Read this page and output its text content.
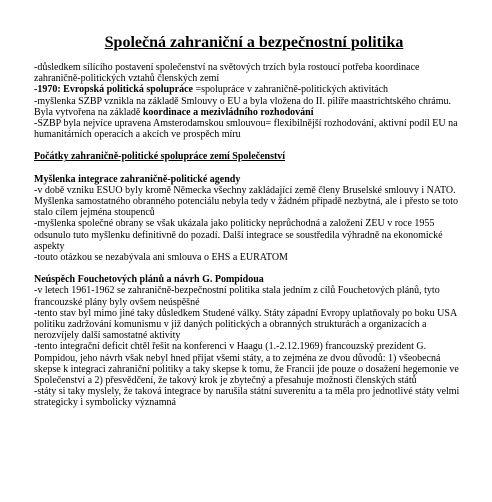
Společná zahraniční a bezpečnostní politika

-důsledkem sílícího postavení společenství na světových trzích byla rostoucí potřeba koordinace zahraničně-politických vztahů členských zemí

-1970: Evropská politická spolupráce =spolupráce v zahraničně-politických aktivitách

-myšlenka SZBP vznikla na základě Smlouvy o EU a byla vložena do II. pilíře maastrichtského chrámu. Byla vytvořena na základě koordinace a meziv​ládního rozhodování

-SZBP byla nejvíce upravena Amsterodamskou smlouvou= flexibilnější rozhodování, aktivní podíl EU na humanitárních operacích a akcích ve prospěch míru

Počátky zahraničně-politické spolupráce zemí Společenství

Myšlenka integrace zahraničně-politické agendy

-v době vzniku ESUO byly kromě Německa všechny zakládající země členy Bruselské smlouvy i NATO. Myšlenka samostatného obranného potenciálu nebyla tedy v žádném případě nezbytná, ale i přesto se toto stalo cílem jejména stoupenců

-myšlenka společné obrany se však ukázala jako politicky neprůchodná a založení ZEU v roce 1955 odsunulo tuto myšlenku definitivně do pozadí. Další integrace se soustředila výhradně na ekonomické aspekty

-touto otázkou se nezabývala ani smlouva o EHS a EURATOM

Neúspěch Fouchetových plánů a návrh G. Pompidoua

-v letech 1961-1962 se zahraničně-bezpečnostní politika stala jedním z cílů Fouchetových plánů, tyto francouzské plány byly ovšem neúspěšné

-tento stav byl mimo jiné taky důsledkem Studené války. Státy západní Evropy uplatňovaly po boku USA politiku zadržování komunismu v již daných politických a obranných strukturách a organizacích a nerozvíjely další samostatné aktivity

-tento integrační deficit chtěl řešit na konferenci v Haagu (1.-2.12.1969) francouzský prezident G. Pompidou, jeho návrh však nebyl hned přijat všemi státy, a to zejména ze dvou důvodů: 1) všeobecná skepse k integraci zahraniční politiky a taky skepse k tomu, že Francii jde pouze o dosažení hegemonie ve Společenství a 2) přesvědčení, že takový krok je zbytečný a přesahuje možnosti členských států

-státy si taky myslely, že taková integrace by narušila státní suverenitu a ta měla pro jednotlivé státy velmi strategicky i symbolicky významná
